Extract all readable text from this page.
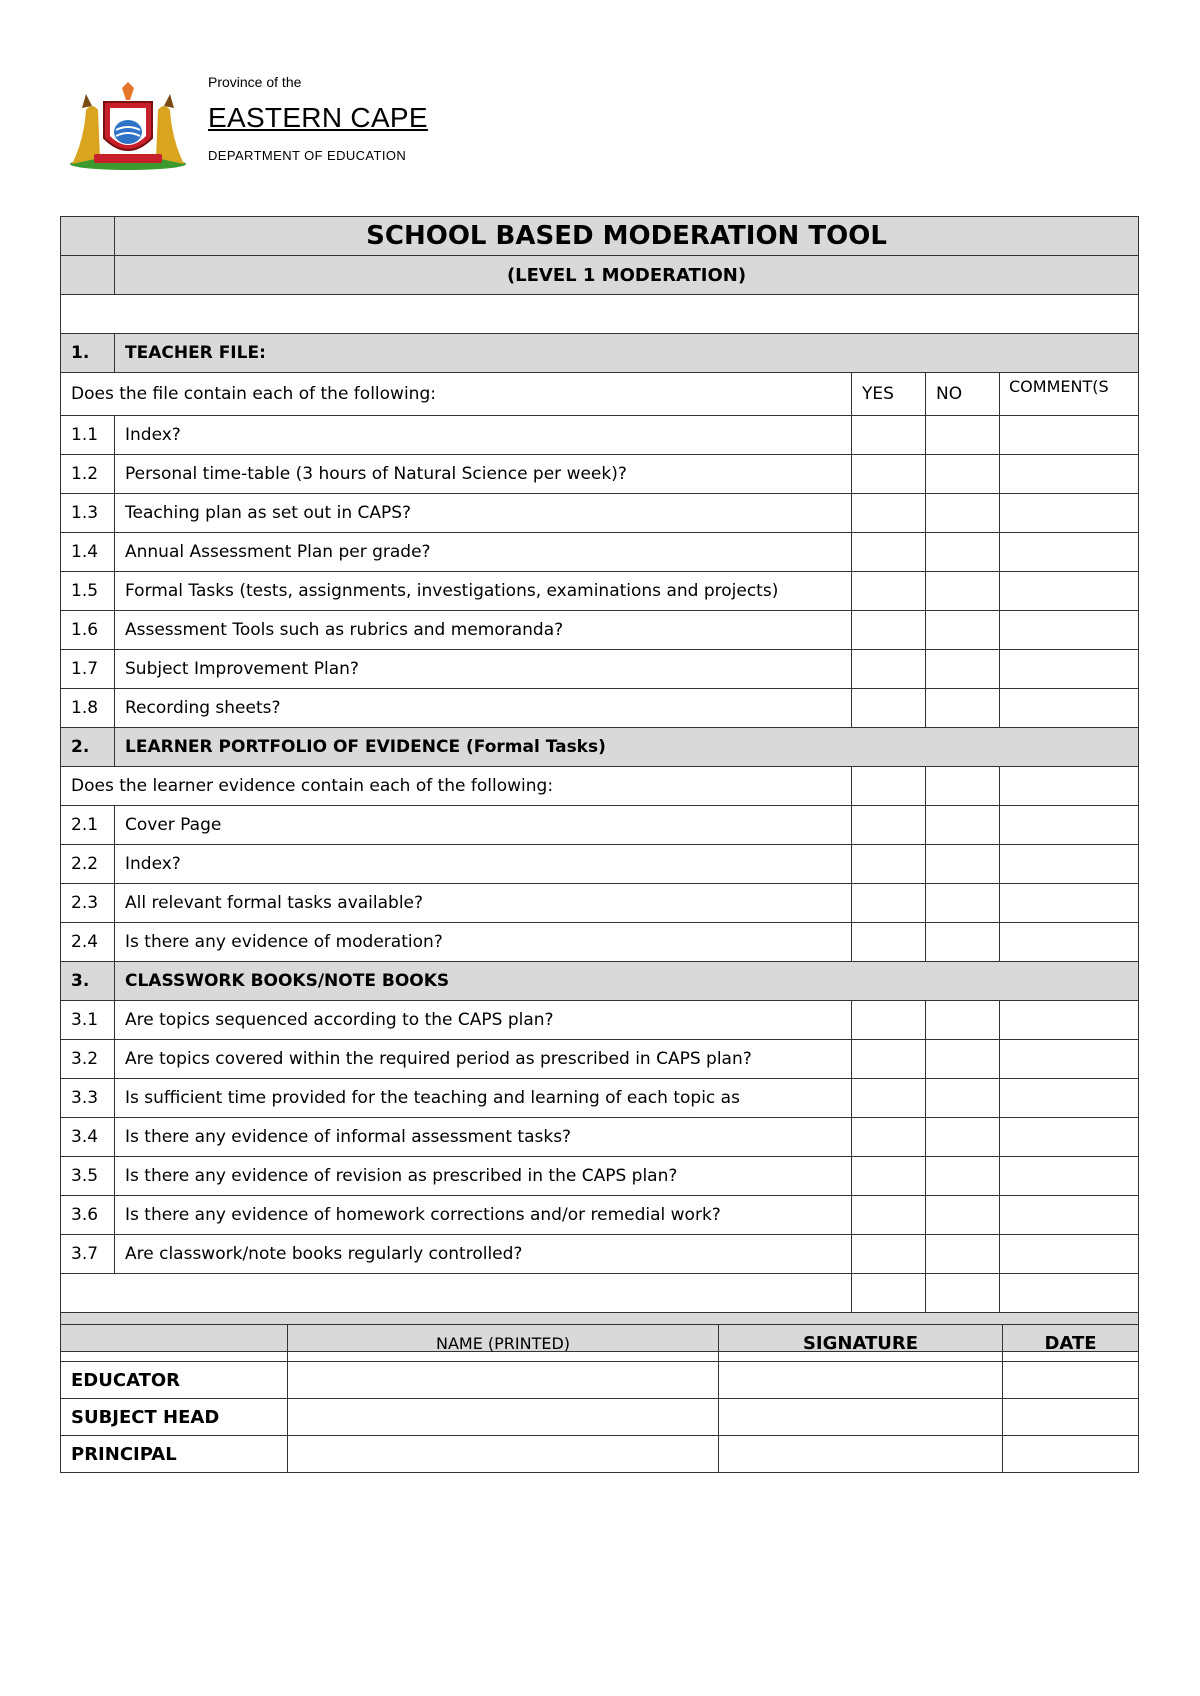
Province of the
EASTERN CAPE
DEPARTMENT OF EDUCATION
	SCHOOL BASED MODERATION TOOL			
	(LEVEL 1 MODERATION)			

1.	TEACHER FILE:			
Does the file contain each of the following:		YES	NO	COMMENT(S
1.1	Index?			
1.2	Personal time-table (3 hours of Natural Science per week)?			
1.3	Teaching plan as set out in CAPS?			
1.4	Annual Assessment Plan per grade?			
1.5	Formal Tasks (tests, assignments, investigations, examinations and projects)			
1.6	Assessment Tools such as rubrics and memoranda?			
1.7	Subject Improvement Plan?			
1.8	Recording sheets?			
2.	LEARNER PORTFOLIO OF EVIDENCE (Formal Tasks)			
Does the learner evidence contain each of the following:				
2.1	Cover Page			
2.2	Index?			
2.3	All relevant formal tasks available?			
2.4	Is there any evidence of moderation?			
3.	CLASSWORK BOOKS/NOTE BOOKS			
3.1	Are topics sequenced according to the CAPS plan?			
3.2	Are topics covered within the required period as prescribed in CAPS plan?			
3.3	Is sufficient time provided for the teaching and learning of each topic as			
3.4	Is there any evidence of informal assessment tasks?			
3.5	Is there any evidence of revision as prescribed in the CAPS plan?			
3.6	Is there any evidence of homework corrections and/or remedial work?			
3.7	Are classwork/note books regularly controlled?			

	NAME (PRINTED)	SIGNATURE	DATE
EDUCATOR			
SUBJECT HEAD			
PRINCIPAL			
